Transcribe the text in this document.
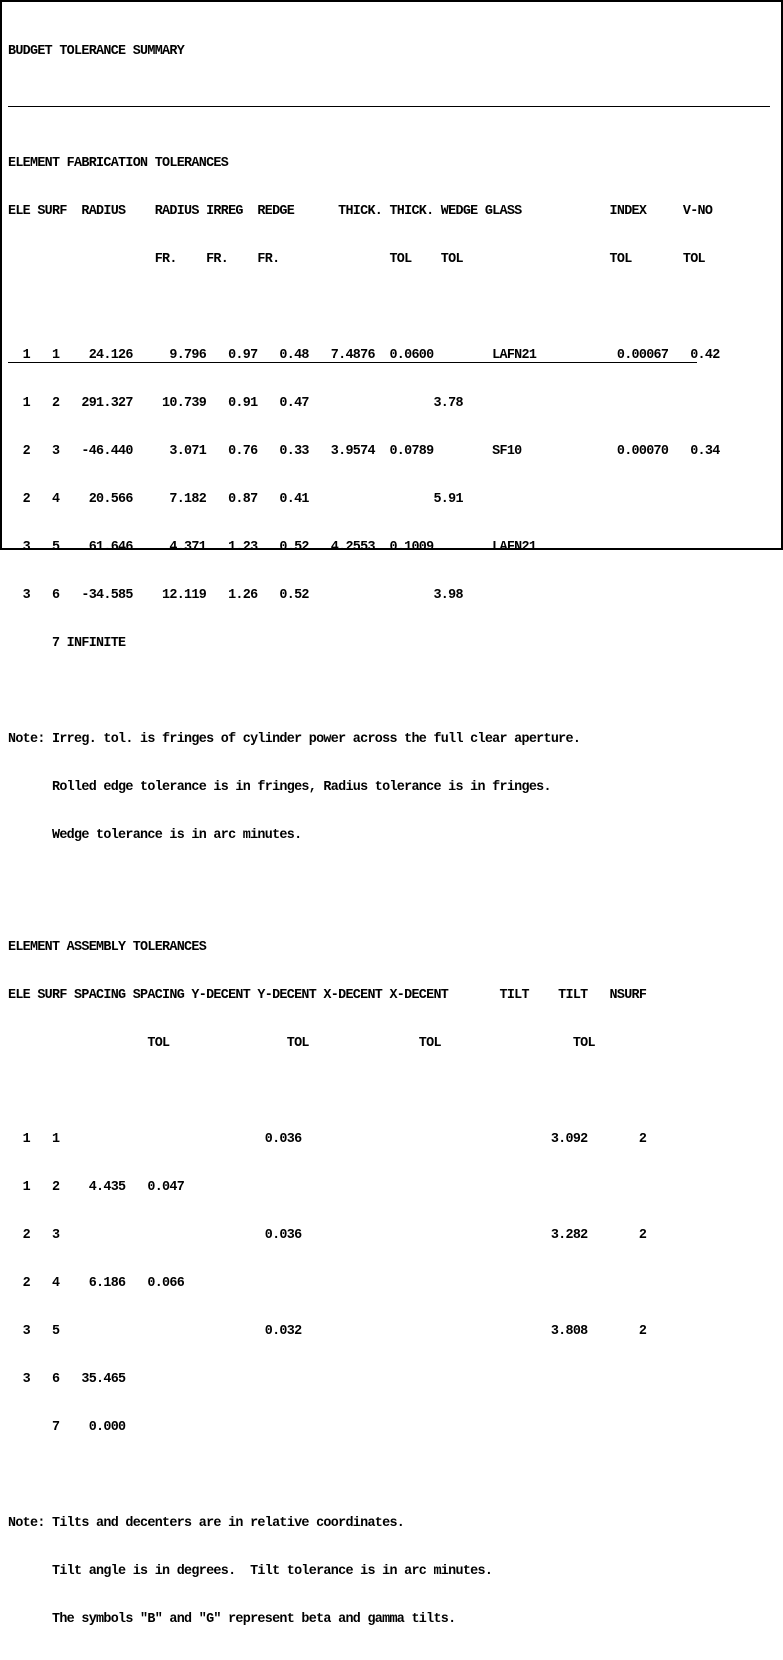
BUDGET TOLERANCE SUMMARY

ELEMENT FABRICATION TOLERANCES

ELE SURF  RADIUS    RADIUS IRREG  REDGE      THICK. THICK. WEDGE GLASS            INDEX     V-NO

FR.    FR.    FR.               TOL    TOL                    TOL       TOL

1   1    24.126     9.796   0.97   0.48   7.4876  0.0600        LAFN21           0.00067   0.42

1   2   291.327    10.739   0.91   0.47                 3.78

2   3   -46.440     3.071   0.76   0.33   3.9574  0.0789        SF10             0.00070   0.34

2   4    20.566     7.182   0.87   0.41                 5.91

3   5    61.646     4.371   1.23   0.52   4.2553  0.1009        LAFN21

3   6   -34.585    12.119   1.26   0.52                 3.98

7 INFINITE

Note: Irreg. tol. is fringes of cylinder power across the full clear aperture.

Rolled edge tolerance is in fringes, Radius tolerance is in fringes.

Wedge tolerance is in arc minutes.

ELEMENT ASSEMBLY TOLERANCES

ELE SURF SPACING SPACING Y-DECENT Y-DECENT X-DECENT X-DECENT       TILT    TILT   NSURF

TOL                TOL               TOL                  TOL

1   1                            0.036                                  3.092       2

1   2    4.435   0.047

2   3                            0.036                                  3.282       2

2   4    6.186   0.066

3   5                            0.032                                  3.808       2

3   6   35.465

7    0.000

Note: Tilts and decenters are in relative coordinates.

Tilt angle is in degrees.  Tilt tolerance is in arc minutes.

The symbols "B" and "G" represent beta and gamma tilts.
